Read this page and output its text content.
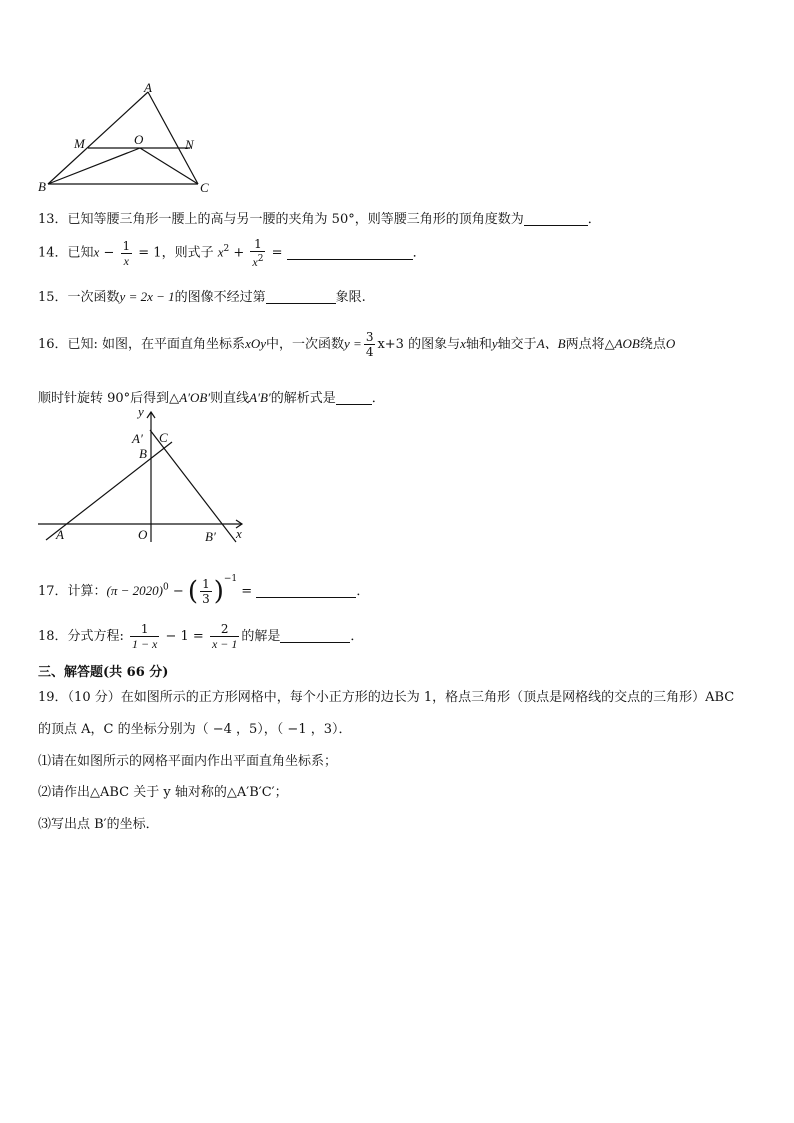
A
M	O	N
B	C
13．已知等腰三角形一腰上的高与另一腰的夹角为 50°，则等腰三角形的顶角度数为	．
14．已知$x - \frac{1}{x} = 1$，则式子 $x^2 + \frac{1}{x^2}$ =	．
15．一次函数y = 2x − 1的图像不经过第	象限.
16．已知: 如图，在平面直角坐标系xOy中，一次函数$y = \frac{3}{4} x+3$ 的图象与x轴和y轴交于A、B两点将△AOB绕点O
顺时针旋转 90°后得到△A′OB′则直线A′B′的解析式是	．
y
A′ C
B
A	O	B′ x
17．计算：$(\pi - 2020)^0$ − ( $\frac{1}{3} )^{-1}$ =	．
18．分式方程: $\frac{1}{1 - x} - 1 = \frac{2}{x - 1}$ 的解是	．
三、解答题(共 66 分)
19．（10 分）在如图所示的正方形网格中，每个小正方形的边长为 1，格点三角形（顶点是网格线的交点的三角形）ABC
的顶点 A，C 的坐标分别为（ −4 ，5），（ −1 ，3）．
⑴请在如图所示的网格平面内作出平面直角坐标系；
⑵请作出△ABC 关于 y 轴对称的△A′B′C′；
⑶写出点 B′的坐标．
